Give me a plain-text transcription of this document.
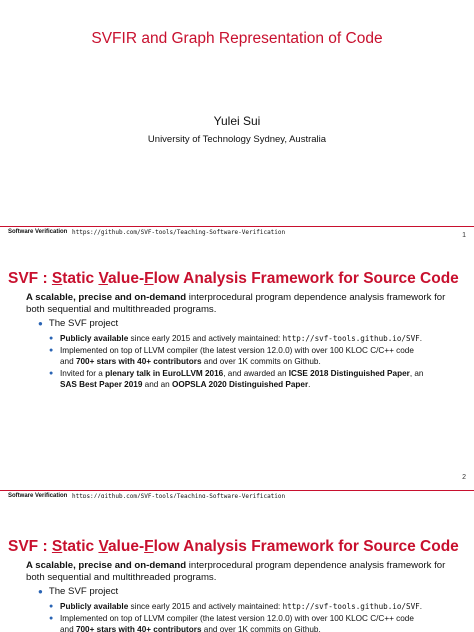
SVFIR and Graph Representation of Code
Yulei Sui
University of Technology Sydney, Australia
Software Verification https://github.com/SVF-tools/Teaching-Software-Verification	1
SVF : Static Value-Flow Analysis Framework for Source Code
A scalable, precise and on-demand interprocedural program dependence analysis framework for both sequential and multithreaded programs.
● The SVF project
● Publicly available since early 2015 and actively maintained: http://svf-tools.github.io/SVF.
● Implemented on top of LLVM compiler (the latest version 12.0.0) with over 100 KLOC C/C++ code
and 700+ stars with 40+ contributors and over 1K commits on Github.
● Invited for a plenary talk in EuroLLVM 2016, and awarded an ICSE 2018 Distinguished Paper, an
SAS Best Paper 2019 and an OOPSLA 2020 Distinguished Paper.
2
Software Verification https://github.com/SVF-tools/Teaching-Software-Verification
SVF : Static Value-Flow Analysis Framework for Source Code
A scalable, precise and on-demand interprocedural program dependence analysis framework for both sequential and multithreaded programs.
● The SVF project
● Publicly available since early 2015 and actively maintained: http://svf-tools.github.io/SVF.
● Implemented on top of LLVM compiler (the latest version 12.0.0) with over 100 KLOC C/C++ code
and 700+ stars with 40+ contributors and over 1K commits on Github.
